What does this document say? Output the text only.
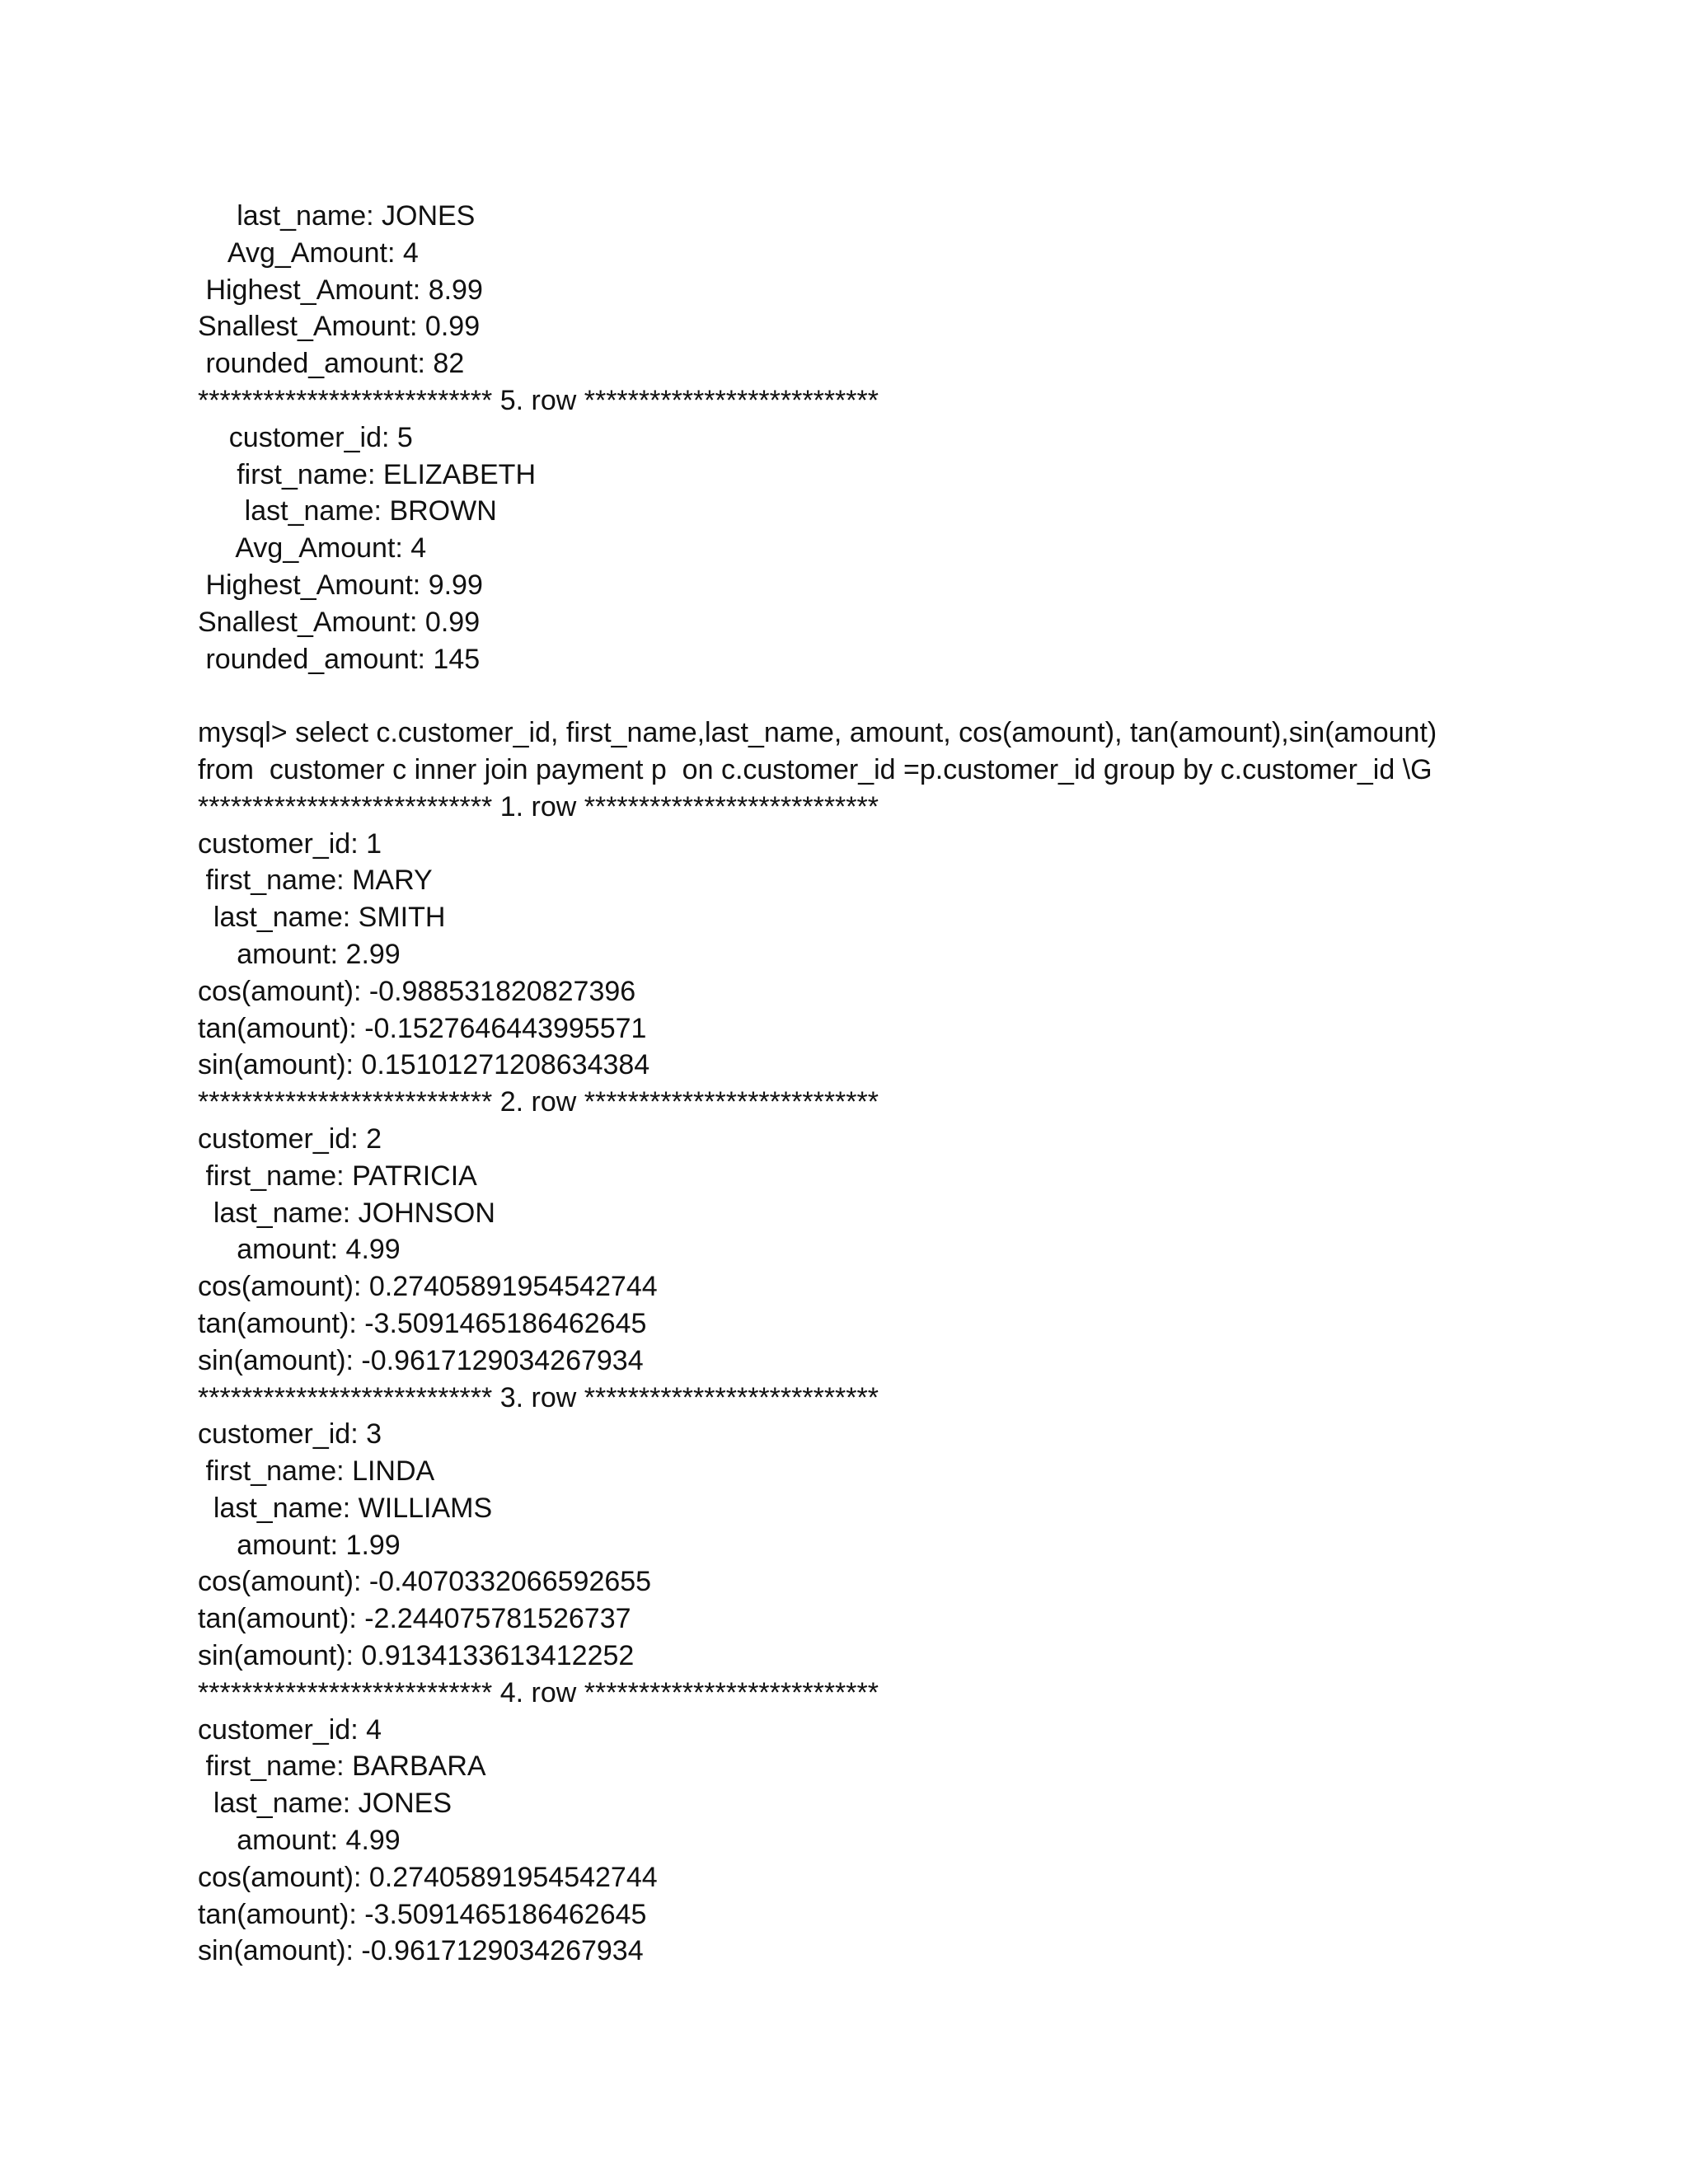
last_name: JONES
Avg_Amount: 4
Highest_Amount: 8.99
Snallest_Amount: 0.99
rounded_amount: 82
*************************** 5. row ***************************
customer_id: 5
first_name: ELIZABETH
last_name: BROWN
Avg_Amount: 4
Highest_Amount: 9.99
Snallest_Amount: 0.99
rounded_amount: 145
mysql> select c.customer_id, first_name,last_name, amount, cos(amount), tan(amount),sin(amount)
from  customer c inner join payment p  on c.customer_id =p.customer_id group by c.customer_id \G
*************************** 1. row ***************************
customer_id: 1
first_name: MARY
last_name: SMITH
amount: 2.99
cos(amount): -0.988531820827396
tan(amount): -0.1527646443995571
sin(amount): 0.15101271208634384
*************************** 2. row ***************************
customer_id: 2
first_name: PATRICIA
last_name: JOHNSON
amount: 4.99
cos(amount): 0.27405891954542744
tan(amount): -3.5091465186462645
sin(amount): -0.9617129034267934
*************************** 3. row ***************************
customer_id: 3
first_name: LINDA
last_name: WILLIAMS
amount: 1.99
cos(amount): -0.4070332066592655
tan(amount): -2.244075781526737
sin(amount): 0.9134133613412252
*************************** 4. row ***************************
customer_id: 4
first_name: BARBARA
last_name: JONES
amount: 4.99
cos(amount): 0.27405891954542744
tan(amount): -3.5091465186462645
sin(amount): -0.9617129034267934
